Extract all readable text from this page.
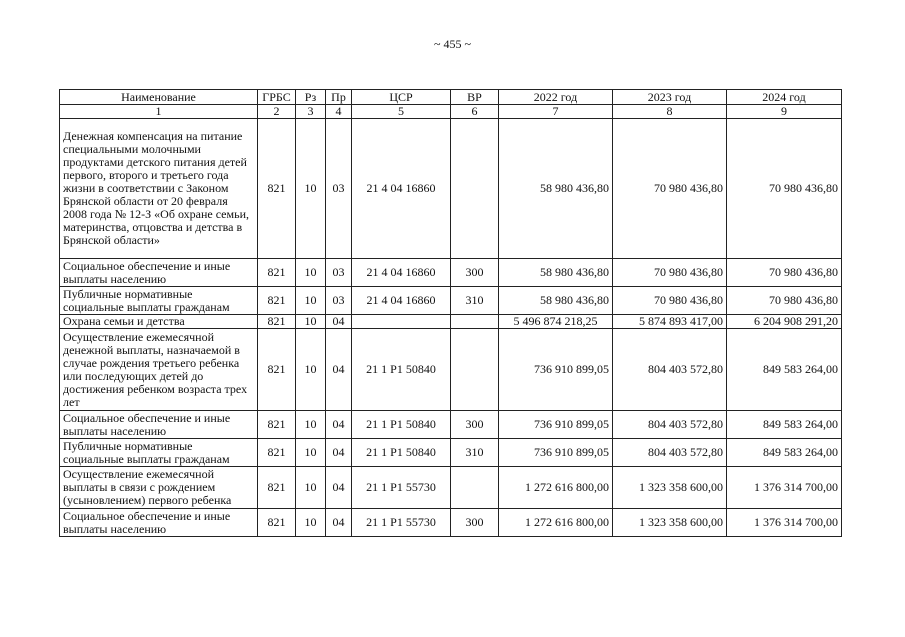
~ 455 ~
Наименование	ГРБС	Рз	Пр	ЦСР	ВР	2022 год	2023 год	2024 год
1	2	3	4	5	6	7	8	9
Денежная компенсация на питание специальными молочными продуктами детского питания детей первого, второго и третьего года жизни в соответствии с Законом Брянской области от 20 февраля 2008 года № 12-З «Об охране семьи, материнства, отцовства и детства в Брянской области»	821	10	03	21 4 04 16860		58 980 436,80	70 980 436,80	70 980 436,80
Социальное обеспечение и иные выплаты населению	821	10	03	21 4 04 16860	300	58 980 436,80	70 980 436,80	70 980 436,80
Публичные нормативные социальные выплаты гражданам	821	10	03	21 4 04 16860	310	58 980 436,80	70 980 436,80	70 980 436,80
Охрана семьи и детства	821	10	04			5 496 874 218,25	5 874 893 417,00	6 204 908 291,20
Осуществление ежемесячной денежной выплаты, назначаемой в случае рождения третьего ребенка или последующих детей до достижения ребенком возраста трех лет	821	10	04	21 1 P1 50840		736 910 899,05	804 403 572,80	849 583 264,00
Социальное обеспечение и иные выплаты населению	821	10	04	21 1 P1 50840	300	736 910 899,05	804 403 572,80	849 583 264,00
Публичные нормативные социальные выплаты гражданам	821	10	04	21 1 P1 50840	310	736 910 899,05	804 403 572,80	849 583 264,00
Осуществление ежемесячной выплаты в связи с рождением (усыновлением) первого ребенка	821	10	04	21 1 P1 55730		1 272 616 800,00	1 323 358 600,00	1 376 314 700,00
Социальное обеспечение и иные выплаты населению	821	10	04	21 1 P1 55730	300	1 272 616 800,00	1 323 358 600,00	1 376 314 700,00
